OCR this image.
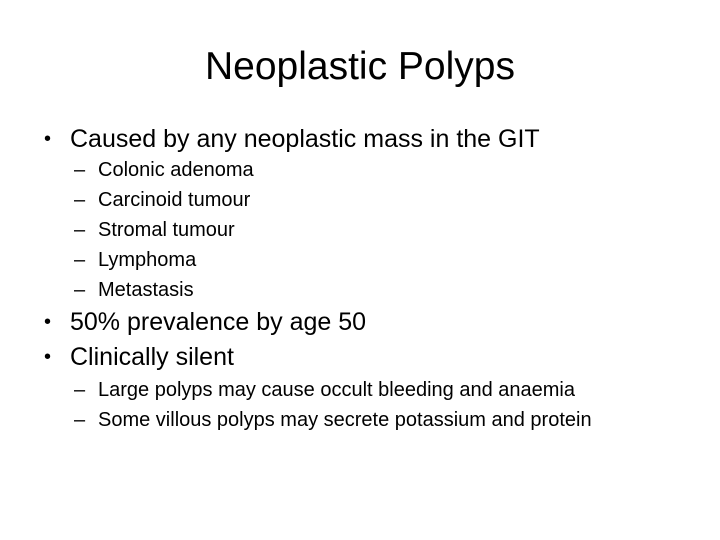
Neoplastic Polyps
• Caused by any neoplastic mass in the GIT
– Colonic adenoma
– Carcinoid tumour
– Stromal tumour
– Lymphoma
– Metastasis
• 50% prevalence by age 50
• Clinically silent
– Large polyps may cause occult bleeding and anaemia
– Some villous polyps may secrete potassium and protein
